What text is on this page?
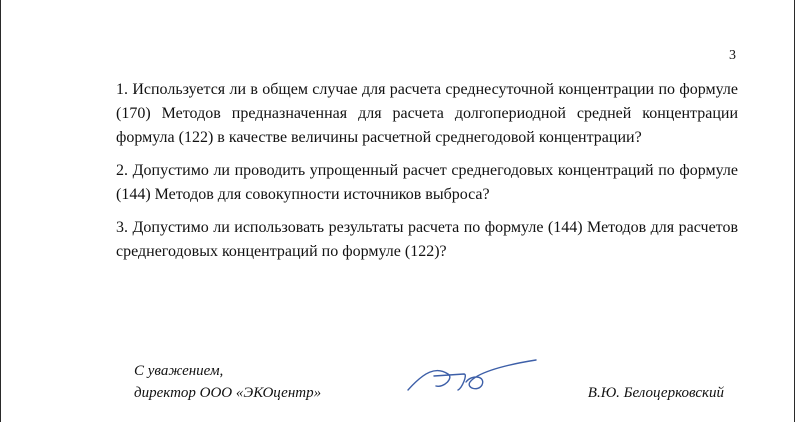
3

1. Используется ли в общем случае для расчета среднесуточной концентрации по формуле (170) Методов предназначенная для расчета долгопериодной средней концентрации формула (122) в качестве величины расчетной среднегодовой концентрации?

2. Допустимо ли проводить упрощенный расчет среднегодовых концентраций по формуле (144) Методов для совокупности источников выброса?

3. Допустимо ли использовать результаты расчета по формуле (144) Методов для расчетов среднегодовых концентраций по формуле (122)?

С уважением,
директор ООО «ЭКОцентр»	В.Ю. Белоцерковский
